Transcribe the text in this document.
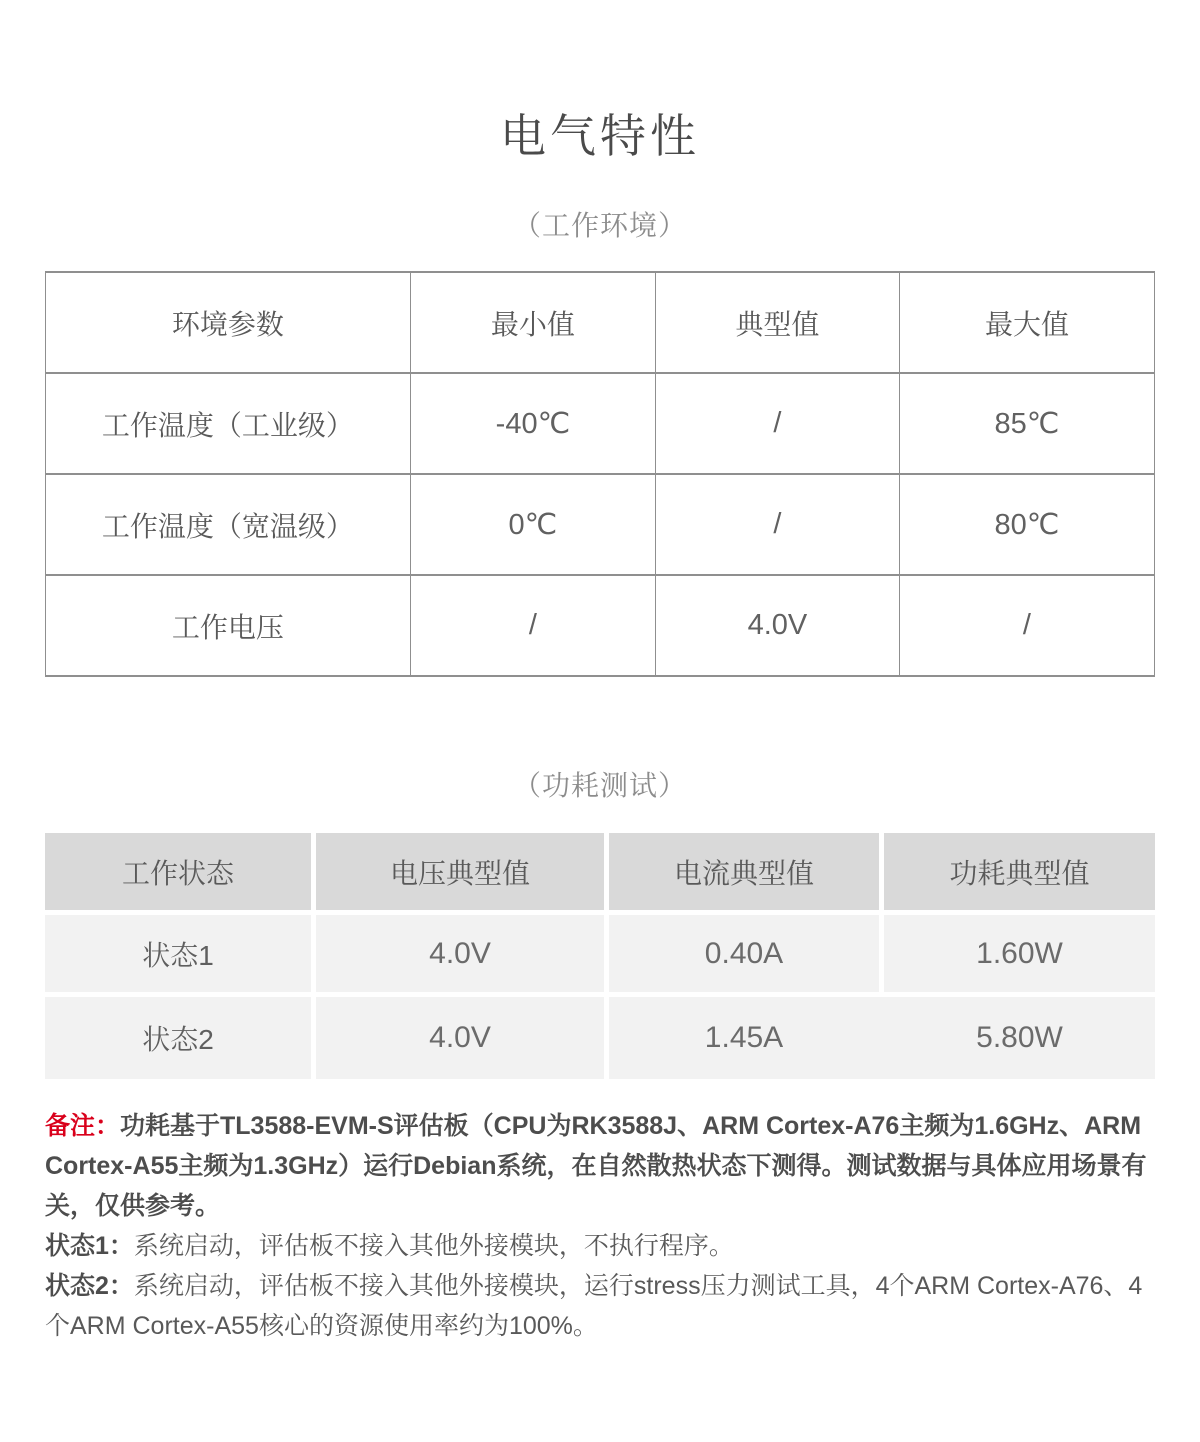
电气特性
（工作环境）
环境参数	最小值	典型值	最大值
工作温度（工业级）	-40℃	/	85℃
工作温度（宽温级）	0℃	/	80℃
工作电压	/	4.0V	/
（功耗测试）
工作状态	电压典型值	电流典型值	功耗典型值
状态1	4.0V	0.40A	1.60W
状态2	4.0V	1.45A	5.80W

备注：功耗基于TL3588-EVM-S评估板（CPU为RK3588J、ARM Cortex-A76主频为1.6GHz、ARM Cortex-A55主频为1.3GHz）运行Debian系统，在自然散热状态下测得。测试数据与具体应用场景有关，仅供参考。

状态1：系统启动，评估板不接入其他外接模块，不执行程序。

状态2：系统启动，评估板不接入其他外接模块，运行stress压力测试工具，4个ARM Cortex-A76、4个ARM Cortex-A55核心的资源使用率约为100%。
